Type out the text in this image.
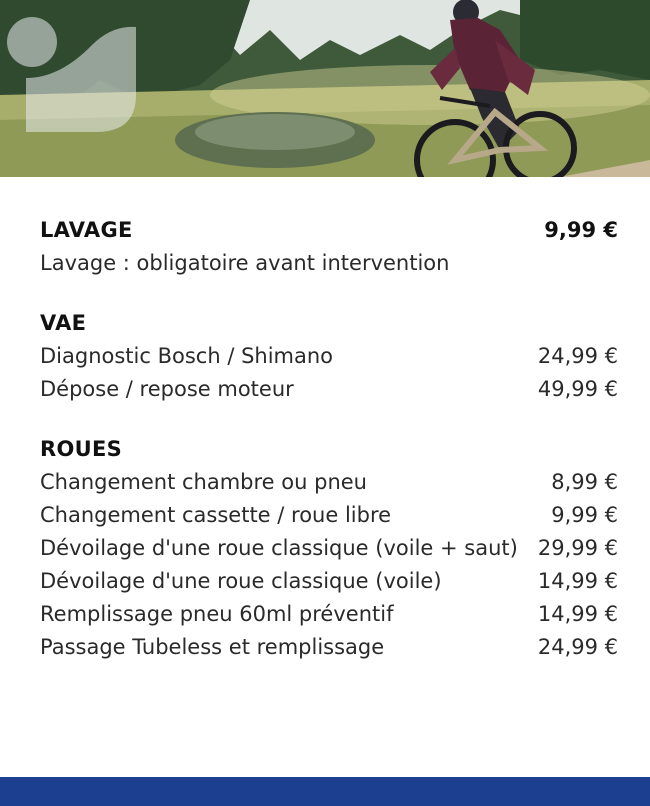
LAVAGE	9,99 €
Lavage : obligatoire avant intervention
VAE
Diagnostic Bosch / Shimano	24,99 €
Dépose / repose moteur	49,99 €
ROUES
Changement chambre ou pneu	8,99 €
Changement cassette / roue libre	9,99 €
Dévoilage d'une roue classique (voile + saut) 29,99 €
Dévoilage d'une roue classique (voile)	14,99 €
Remplissage pneu 60ml préventif	14,99 €
Passage Tubeless et remplissage	24,99 €
